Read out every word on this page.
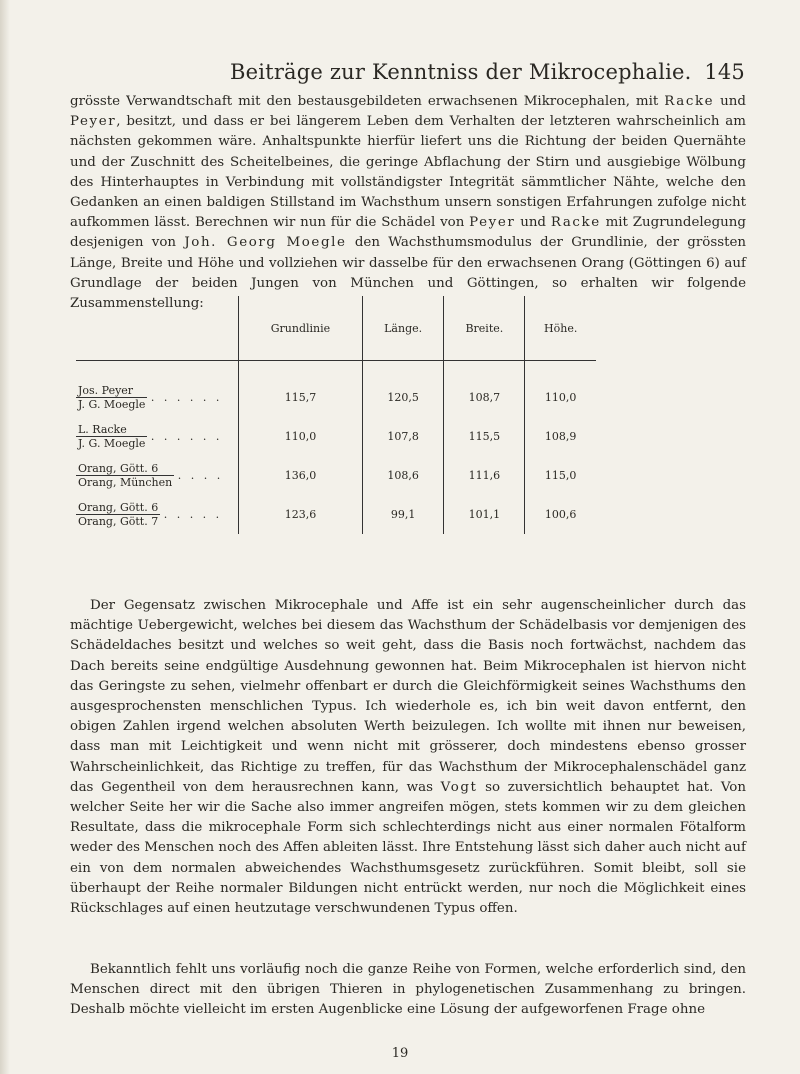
Beiträge zur Kenntniss der Mikrocephalie. 145

grösste Verwandtschaft mit den bestausgebildeten erwachsenen Mikrocephalen, mit Racke und Peyer, besitzt, und dass er bei längerem Leben dem Verhalten der letzteren wahrscheinlich am nächsten gekommen wäre. Anhaltspunkte hierfür liefert uns die Richtung der beiden Quernähte und der Zuschnitt des Scheitelbeines, die geringe Abflachung der Stirn und ausgiebige Wölbung des Hinterhauptes in Verbindung mit vollständigster Integrität sämmtlicher Nähte, welche den Gedanken an einen baldigen Stillstand im Wachsthum unsern sonstigen Erfahrungen zufolge nicht aufkommen lässt. Berechnen wir nun für die Schädel von Peyer und Racke mit Zugrundelegung desjenigen von Joh. Georg Moegle den Wachsthumsmodulus der Grundlinie, der grössten Länge, Breite und Höhe und vollziehen wir dasselbe für den erwachsenen Orang (Göttingen 6) auf Grundlage der beiden Jungen von München und Göttingen, so erhalten wir folgende Zusammenstellung:

	Grundlinie	Länge.	Breite.	Höhe.

$\frac{\text{Jos. Peyer}}{\text{J. G. Moegle}}$ . . . . . .	115,7	120,5	108,7	110,0

$\frac{\text{L. Racke}}{\text{J. G. Moegle}}$ . . . . . .	110,0	107,8	115,5	108,9

$\frac{\text{Orang, Gött. 6}}{\text{Orang, München}}$ . . . .	136,0	108,6	111,6	115,0

$\frac{\text{Orang, Gött. 6}}{\text{Orang, Gött. 7}}$ . . . . .	123,6	99,1	101,1	100,6

Der Gegensatz zwischen Mikrocephale und Affe ist ein sehr augenscheinlicher durch das mächtige Uebergewicht, welches bei diesem das Wachsthum der Schädelbasis vor demjenigen des Schädeldaches besitzt und welches so weit geht, dass die Basis noch fortwächst, nachdem das Dach bereits seine endgültige Ausdehnung gewonnen hat. Beim Mikrocephalen ist hiervon nicht das Geringste zu sehen, vielmehr offenbart er durch die Gleichförmigkeit seines Wachsthums den ausgesprochensten menschlichen Typus. Ich wiederhole es, ich bin weit davon entfernt, den obigen Zahlen irgend welchen absoluten Werth beizulegen. Ich wollte mit ihnen nur beweisen, dass man mit Leichtigkeit und wenn nicht mit grösserer, doch mindestens ebenso grosser Wahrscheinlichkeit, das Richtige zu treffen, für das Wachsthum der Mikrocephalenschädel ganz das Gegentheil von dem herausrechnen kann, was Vogt so zuversichtlich behauptet hat. Von welcher Seite her wir die Sache also immer angreifen mögen, stets kommen wir zu dem gleichen Resultate, dass die mikrocephale Form sich schlechterdings nicht aus einer normalen Fötalform weder des Menschen noch des Affen ableiten lässt. Ihre Entstehung lässt sich daher auch nicht auf ein von dem normalen abweichendes Wachsthumsgesetz zurückführen. Somit bleibt, soll sie überhaupt der Reihe normaler Bildungen nicht entrückt werden, nur noch die Möglichkeit eines Rückschlages auf einen heutzutage verschwundenen Typus offen.

Bekanntlich fehlt uns vorläufig noch die ganze Reihe von Formen, welche erforderlich sind, den Menschen direct mit den übrigen Thieren in phylogenetischen Zusammenhang zu bringen. Deshalb möchte vielleicht im ersten Augenblicke eine Lösung der aufgeworfenen Frage ohne

19
